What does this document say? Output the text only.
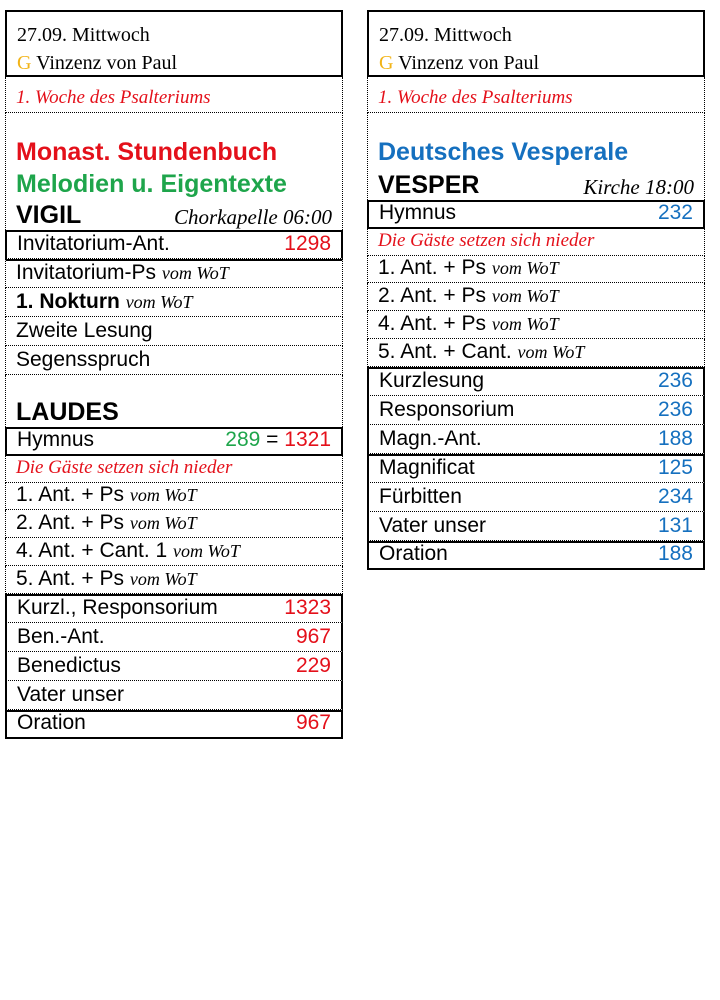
27.09. Mittwoch
G Vinzenz von Paul
1. Woche des Psalteriums
Monast. Stundenbuch
Melodien u. Eigentexte
VIGIL	Chorkapelle 06:00
Invitatorium-Ant.	1298
Invitatorium-Ps vom WoT
1. Nokturn vom WoT
Zweite Lesung
Segensspruch
LAUDES
Hymnus	289 = 1321
Die Gäste setzen sich nieder
1. Ant. + Ps vom WoT
2. Ant. + Ps vom WoT
4. Ant. + Cant. 1 vom WoT
5. Ant. + Ps vom WoT
Kurzl., Responsorium	1323
Ben.-Ant.	967
Benedictus	229
Vater unser
Oration	967
27.09. Mittwoch
G Vinzenz von Paul
1. Woche des Psalteriums
Deutsches Vesperale
VESPER	Kirche 18:00
Hymnus	232
Die Gäste setzen sich nieder
1. Ant. + Ps vom WoT
2. Ant. + Ps vom WoT
4. Ant. + Ps vom WoT
5. Ant. + Cant. vom WoT
Kurzlesung	236
Responsorium	236
Magn.-Ant.	188
Magnificat	125
Fürbitten	234
Vater unser	131
Oration	188
